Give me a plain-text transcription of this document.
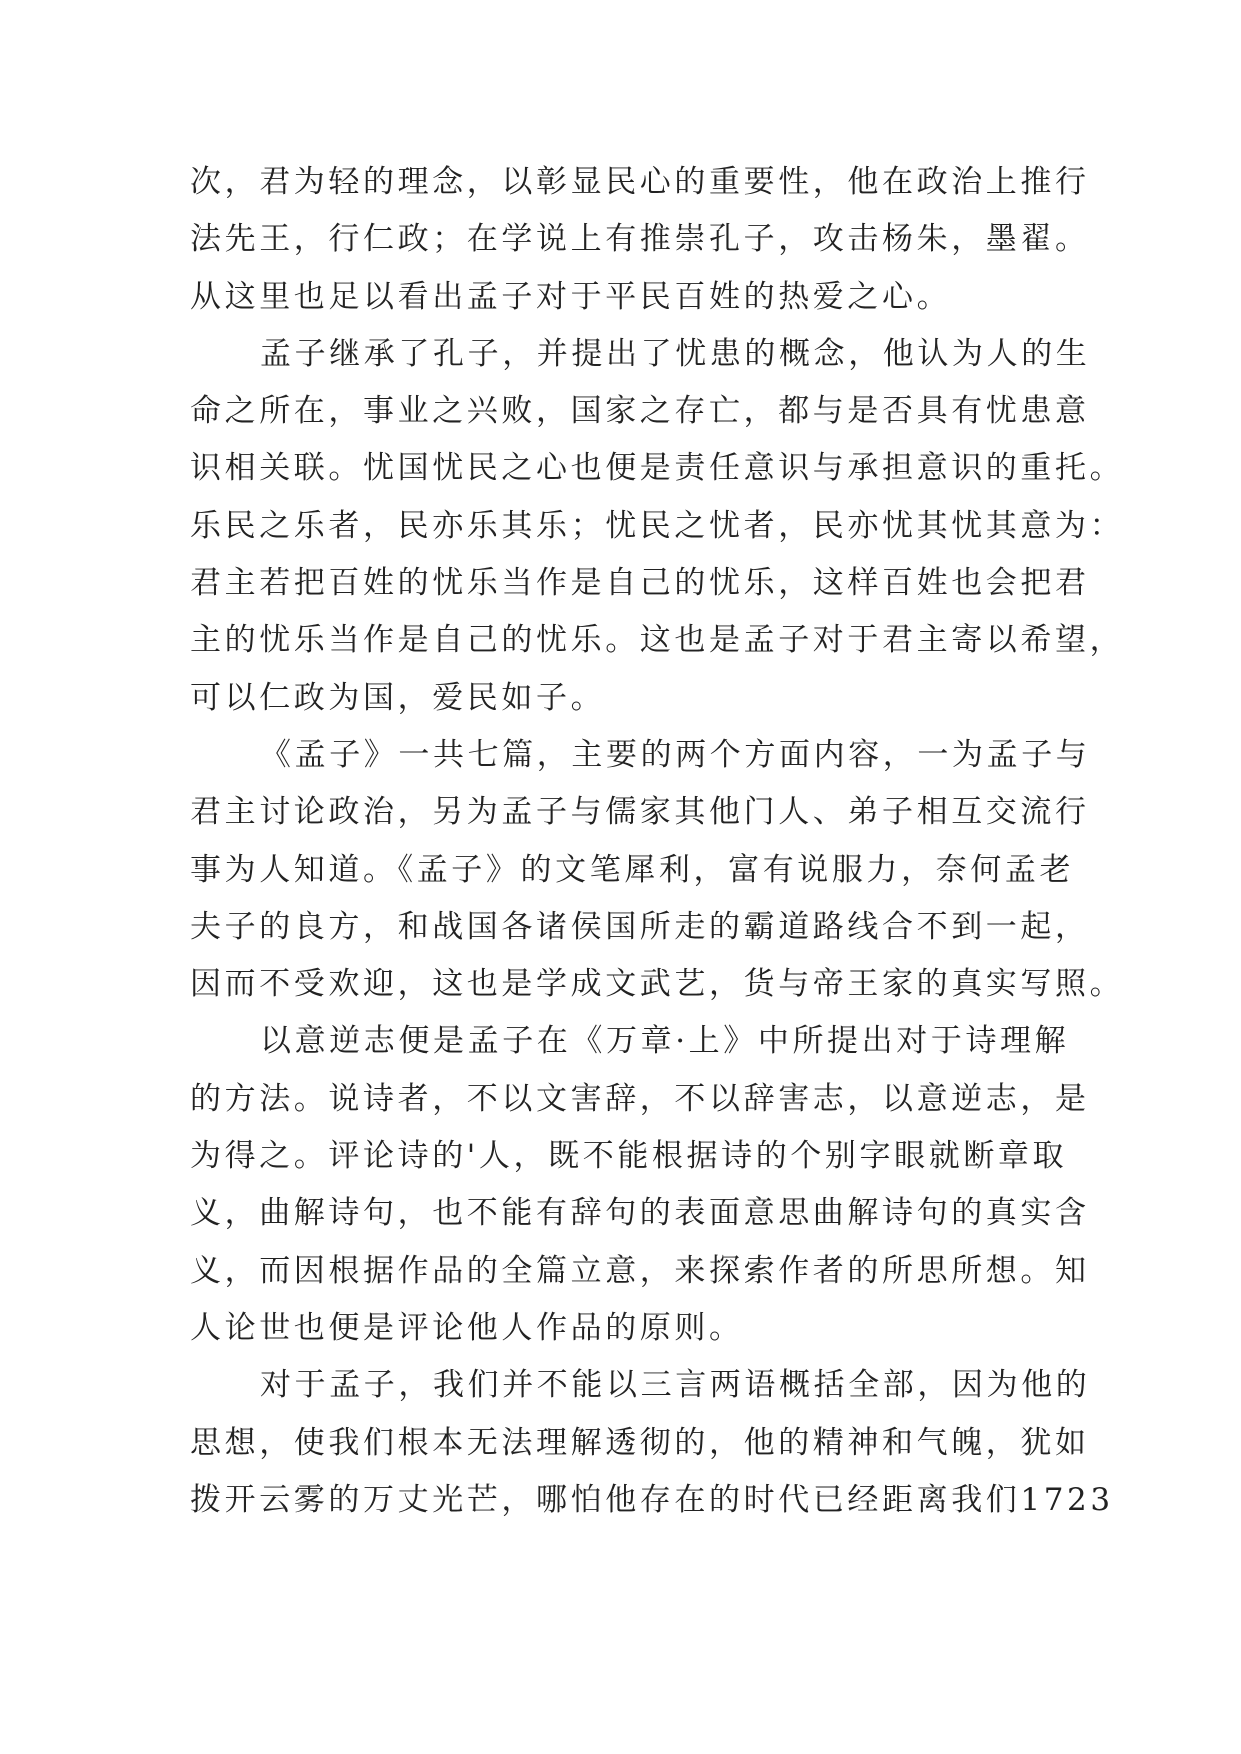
次，君为轻的理念，以彰显民心的重要性，他在政治上推行
法先王，行仁政；在学说上有推崇孔子，攻击杨朱，墨翟。
从这里也足以看出孟子对于平民百姓的热爱之心。
孟子继承了孔子，并提出了忧患的概念，他认为人的生
命之所在，事业之兴败，国家之存亡，都与是否具有忧患意
识相关联。忧国忧民之心也便是责任意识与承担意识的重托。
乐民之乐者，民亦乐其乐；忧民之忧者，民亦忧其忧其意为：
君主若把百姓的忧乐当作是自己的忧乐，这样百姓也会把君
主的忧乐当作是自己的忧乐。这也是孟子对于君主寄以希望，
可以仁政为国，爱民如子。
《孟子》一共七篇，主要的两个方面内容，一为孟子与
君主讨论政治，另为孟子与儒家其他门人、弟子相互交流行
事为人知道。《孟子》的文笔犀利，富有说服力，奈何孟老
夫子的良方，和战国各诸侯国所走的霸道路线合不到一起，
因而不受欢迎，这也是学成文武艺，货与帝王家的真实写照。
以意逆志便是孟子在《万章·上》中所提出对于诗理解
的方法。说诗者，不以文害辞，不以辞害志，以意逆志，是
为得之。评论诗的'人，既不能根据诗的个别字眼就断章取
义，曲解诗句，也不能有辞句的表面意思曲解诗句的真实含
义，而因根据作品的全篇立意，来探索作者的所思所想。知
人论世也便是评论他人作品的原则。
对于孟子，我们并不能以三言两语概括全部，因为他的
思想，使我们根本无法理解透彻的，他的精神和气魄，犹如
拨开云雾的万丈光芒，哪怕他存在的时代已经距离我们1723
